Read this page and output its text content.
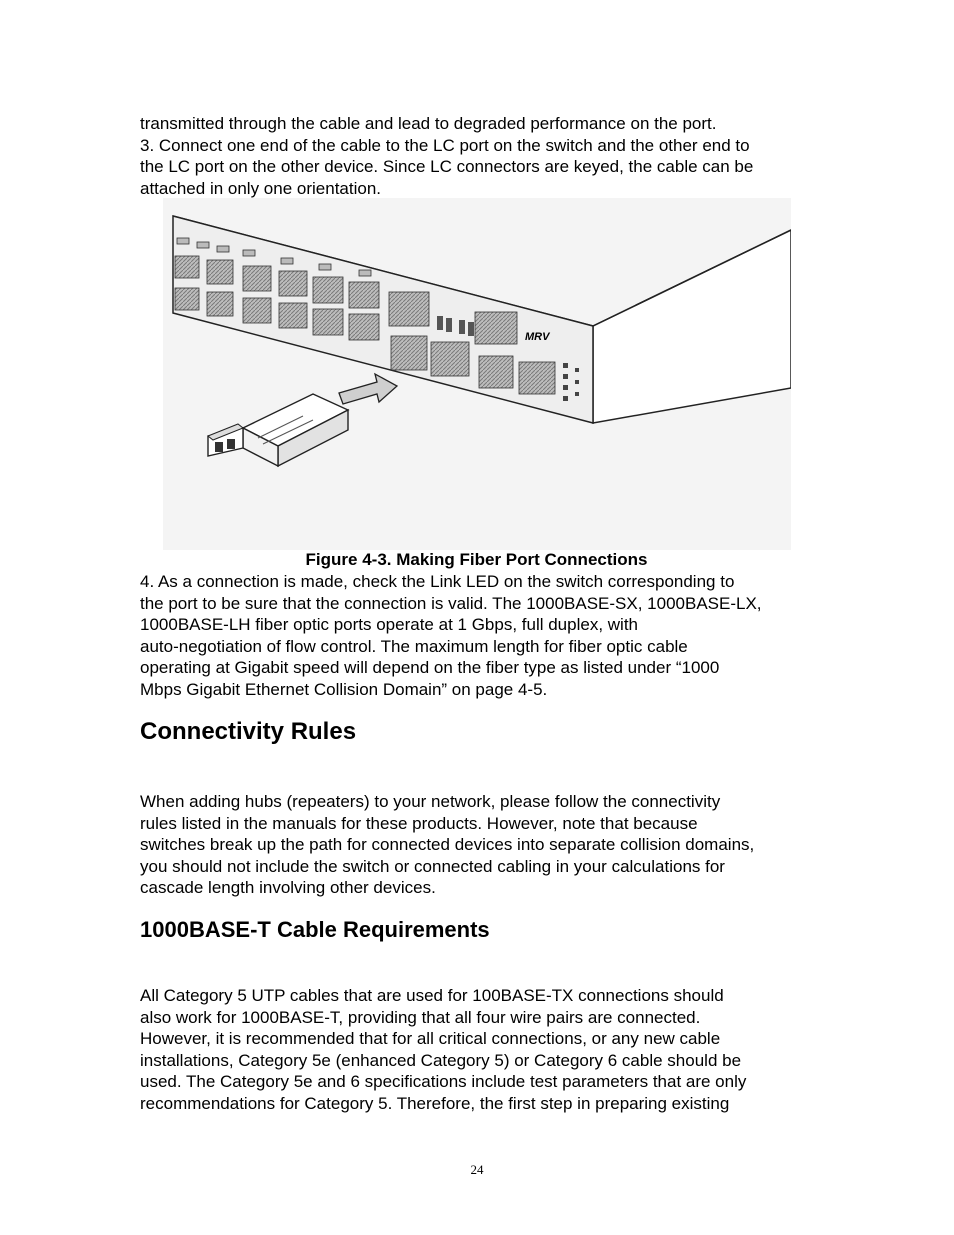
transmitted through the cable and lead to degraded performance on the port.
3. Connect one end of the cable to the LC port on the switch and the other end to
the LC port on the other device. Since LC connectors are keyed, the cable can be
attached in only one orientation.
MRV
Figure 4-3. Making Fiber Port Connections
4. As a connection is made, check the Link LED on the switch corresponding to
the port to be sure that the connection is valid. The 1000BASE-SX, 1000BASE-LX,
1000BASE-LH fiber optic ports operate at 1 Gbps, full duplex, with
auto-negotiation of flow control. The maximum length for fiber optic cable
operating at Gigabit speed will depend on the fiber type as listed under “1000
Mbps Gigabit Ethernet Collision Domain” on page 4-5.
Connectivity Rules
When adding hubs (repeaters) to your network, please follow the connectivity
rules listed in the manuals for these products. However, note that because
switches break up the path for connected devices into separate collision domains,
you should not include the switch or connected cabling in your calculations for
cascade length involving other devices.
1000BASE-T Cable Requirements
All Category 5 UTP cables that are used for 100BASE-TX connections should
also work for 1000BASE-T, providing that all four wire pairs are connected.
However, it is recommended that for all critical connections, or any new cable
installations, Category 5e (enhanced Category 5) or Category 6 cable should be
used. The Category 5e and 6 specifications include test parameters that are only
recommendations for Category 5. Therefore, the first step in preparing existing
24
